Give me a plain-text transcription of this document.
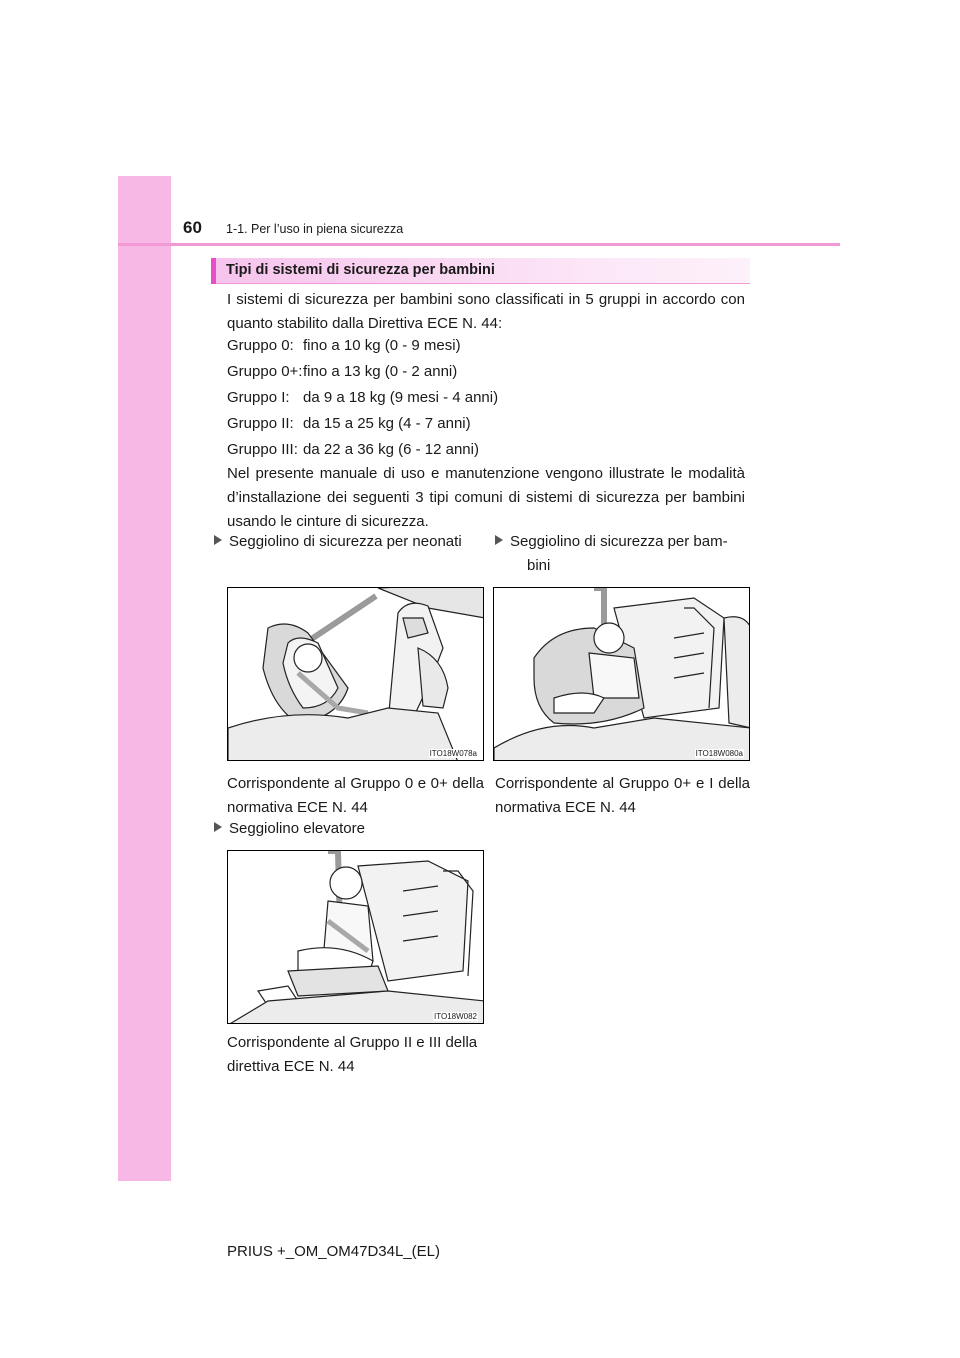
60 1-1. Per l’uso in piena sicurezza
Tipi di sistemi di sicurezza per bambini
I sistemi di sicurezza per bambini sono classificati in 5 gruppi in accordo con quanto stabilito dalla Direttiva ECE N. 44:
Gruppo 0: fino a 10 kg (0 - 9 mesi)
Gruppo 0+:fino a 13 kg (0 - 2 anni)
Gruppo I: da 9 a 18 kg (9 mesi - 4 anni)
Gruppo II: da 15 a 25 kg (4 - 7 anni)
Gruppo III: da 22 a 36 kg (6 - 12 anni)
Nel presente manuale di uso e manutenzione vengono illustrate le modalità d’installazione dei seguenti 3 tipi comuni di sistemi di sicurezza per bambini usando le cinture di sicurezza.
Seggiolino di sicurezza per neonati
ITO18W078a
Corrispondente al Gruppo 0 e 0+ della normativa ECE N. 44
Seggiolino di sicurezza per bam-
bini
ITO18W080a
Corrispondente al Gruppo 0+ e I della normativa ECE N. 44
Seggiolino elevatore
ITO18W082
Corrispondente al Gruppo II e III della direttiva ECE N. 44
PRIUS +_OM_OM47D34L_(EL)
